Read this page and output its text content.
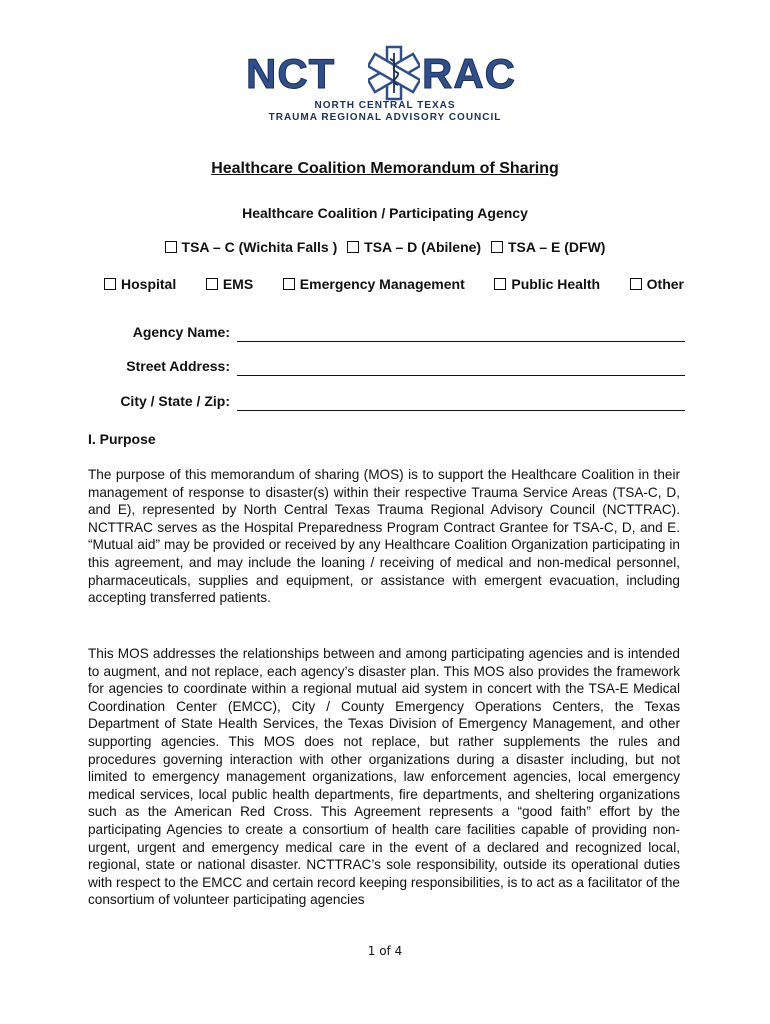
NCT RAC
NORTH CENTRAL TEXAS
TRAUMA REGIONAL ADVISORY COUNCIL
Healthcare Coalition Memorandum of Sharing
Healthcare Coalition / Participating Agency
TSA – C (Wichita Falls ) TSA – D (Abilene) TSA – E (DFW)
Hospital	EMS	Emergency Management	Public Health	Other
Agency Name:
Street Address:
City / State / Zip:
I. Purpose

The purpose of this memorandum of sharing (MOS) is to support the Healthcare Coalition in their management of response to disaster(s) within their respective Trauma Service Areas (TSA-C, D, and E), represented by North Central Texas Trauma Regional Advisory Council (NCTTRAC). NCTTRAC serves as the Hospital Preparedness Program Contract Grantee for TSA-C, D, and E. “Mutual aid” may be provided or received by any Healthcare Coalition Organization participating in this agreement, and may include the loaning / receiving of medical and non-medical personnel, pharmaceuticals, supplies and equipment, or assistance with emergent evacuation, including accepting transferred patients.

This MOS addresses the relationships between and among participating agencies and is intended to augment, and not replace, each agency’s disaster plan. This MOS also provides the framework for agencies to coordinate within a regional mutual aid system in concert with the TSA-E Medical Coordination Center (EMCC), City / County Emergency Operations Centers, the Texas Department of State Health Services, the Texas Division of Emergency Management, and other supporting agencies. This MOS does not replace, but rather supplements the rules and procedures governing interaction with other organizations during a disaster including, but not limited to emergency management organizations, law enforcement agencies, local emergency medical services, local public health departments, fire departments, and sheltering organizations such as the American Red Cross. This Agreement represents a “good faith” effort by the participating Agencies to create a consortium of health care facilities capable of providing non-urgent, urgent and emergency medical care in the event of a declared and recognized local, regional, state or national disaster. NCTTRAC’s sole responsibility, outside its operational duties with respect to the EMCC and certain record keeping responsibilities, is to act as a facilitator of the consortium of volunteer participating agencies

1 of 4
